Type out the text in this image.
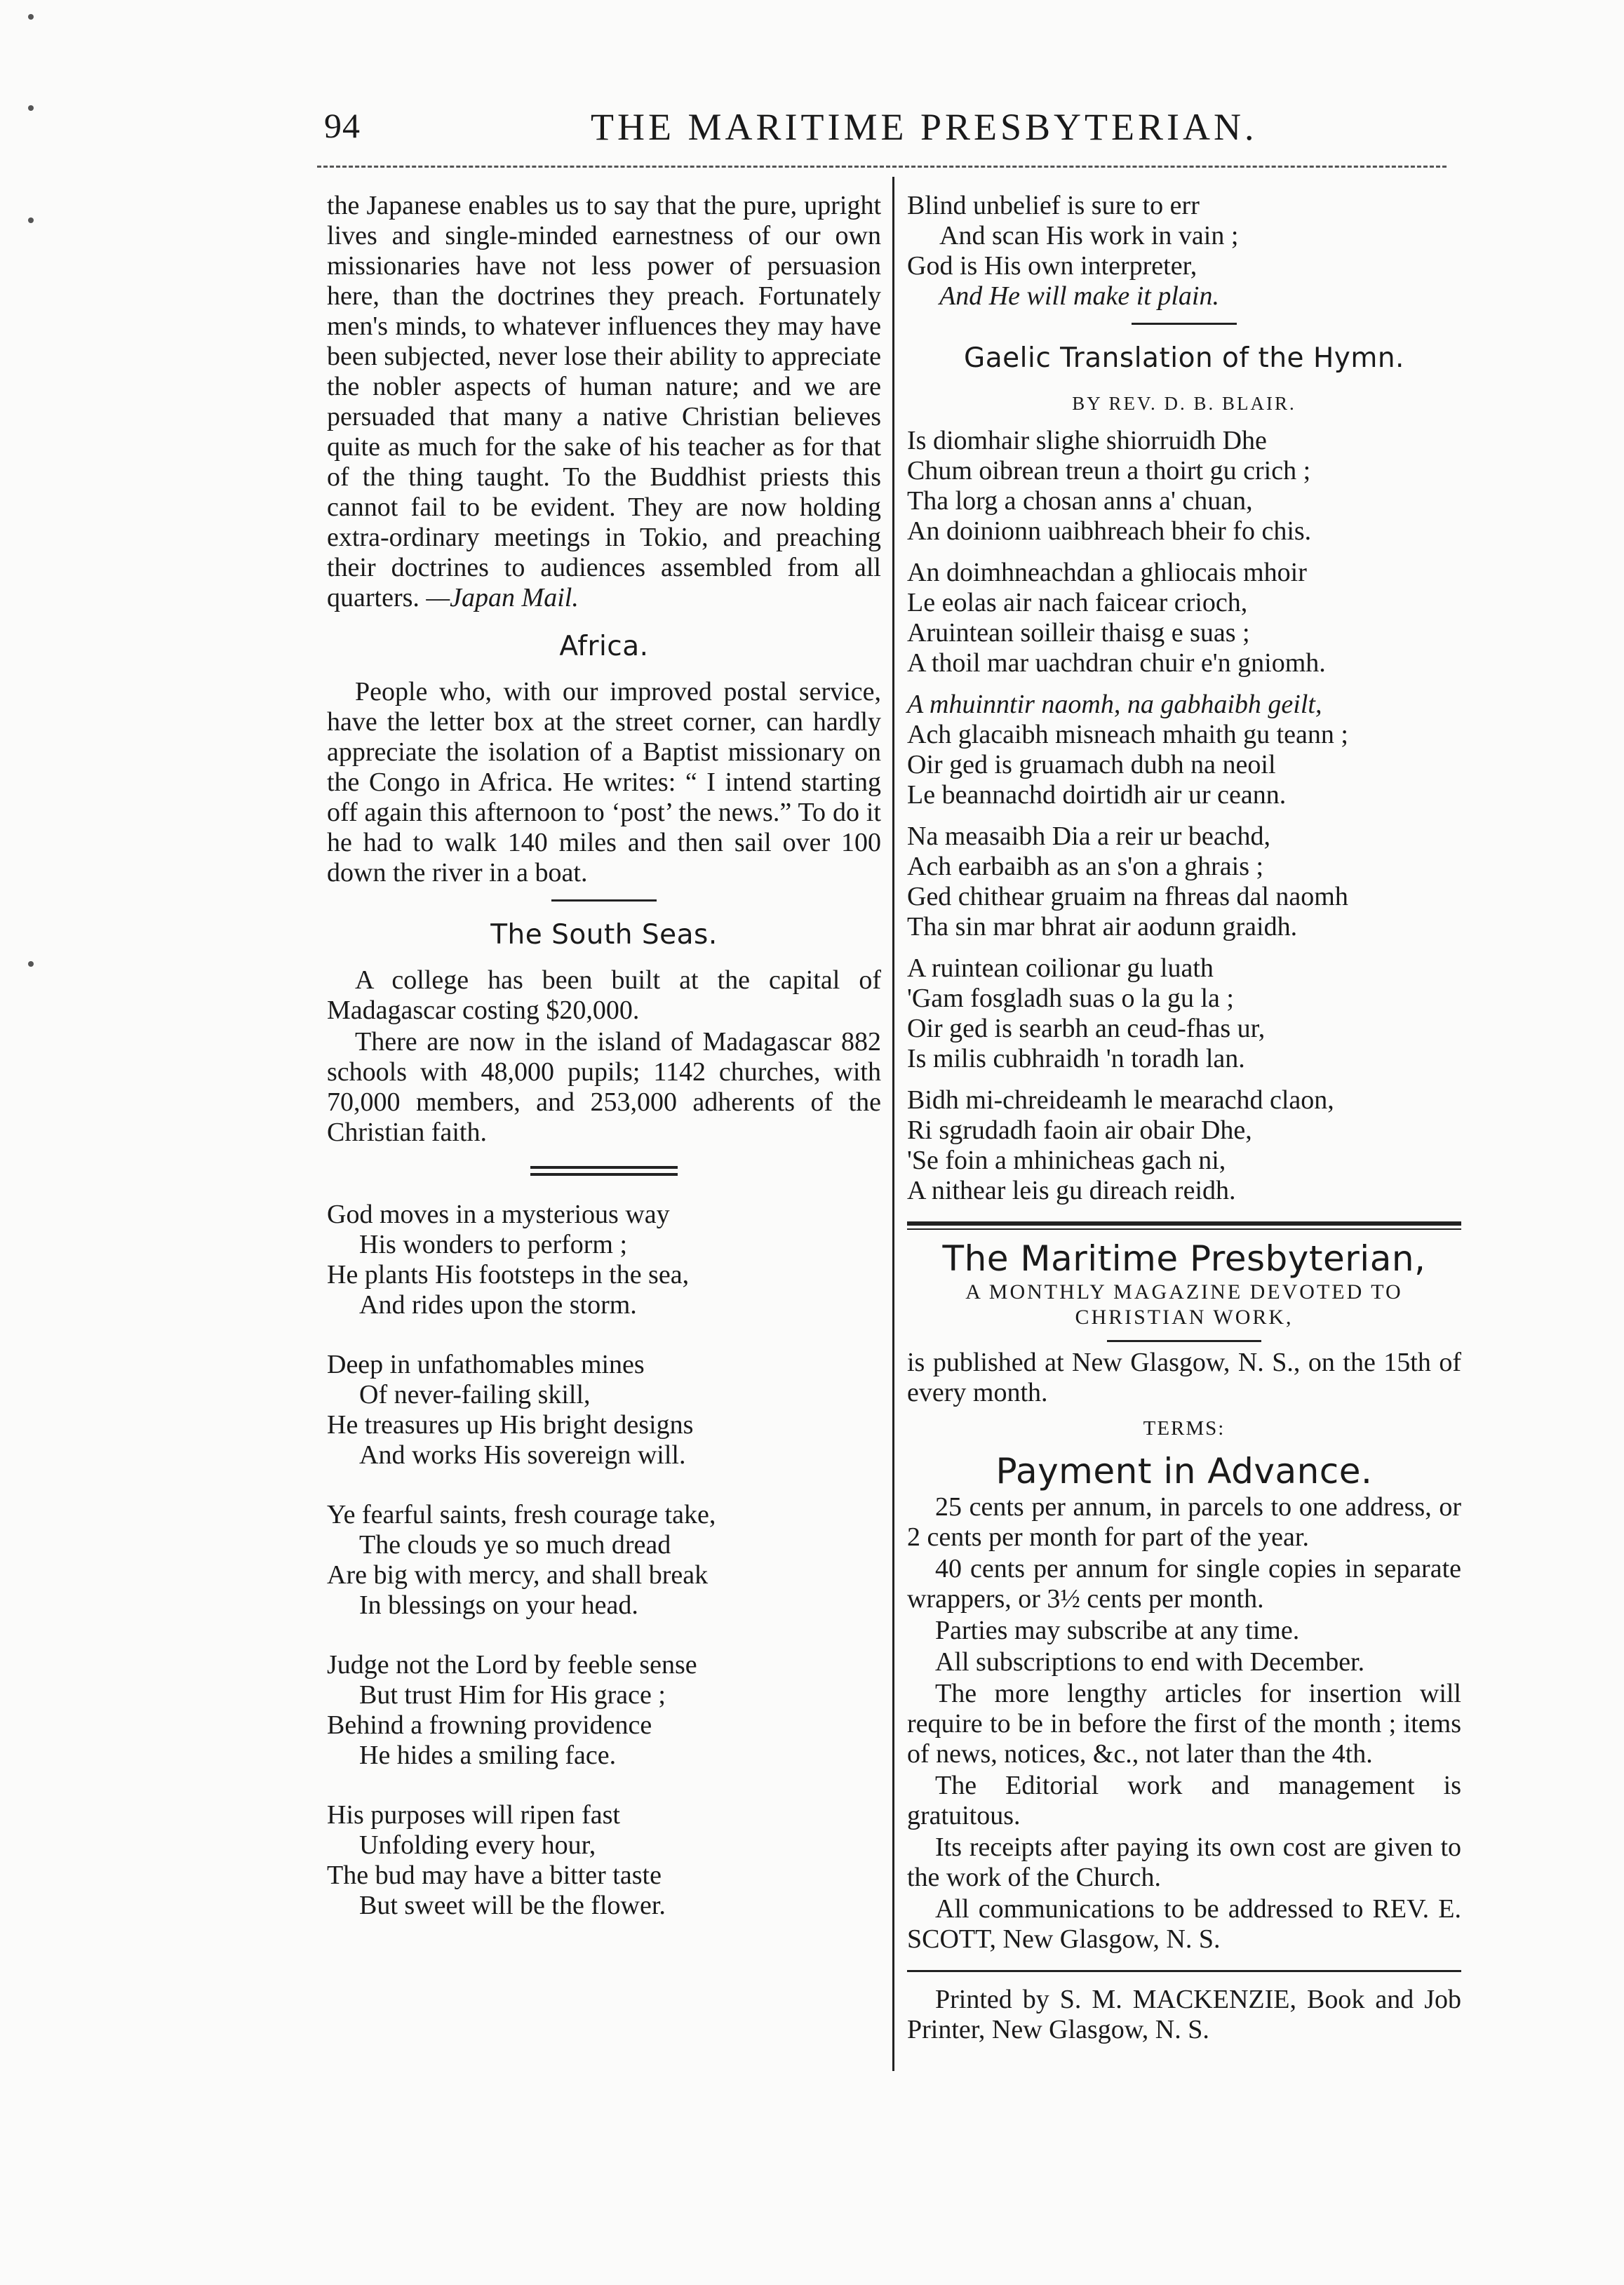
94	THE MARITIME PRESBYTERIAN.

the Japanese enables us to say that the pure, upright lives and single-minded earnestness of our own missionaries have not less power of persuasion here, than the doctrines they preach. Fortunately men's minds, to whatever influences they may have been subjected, never lose their ability to appreciate the nobler aspects of human nature; and we are persuaded that many a native Christian believes quite as much for the sake of his teacher as for that of the thing taught. To the Buddhist priests this cannot fail to be evident. They are now holding extra-ordinary meetings in Tokio, and preaching their doctrines to audiences assembled from all quarters. —Japan Mail.

Africa.

People who, with our improved postal service, have the letter box at the street corner, can hardly appreciate the isolation of a Baptist missionary on the Congo in Africa. He writes: “ I intend starting off again this afternoon to ‘post’ the news.” To do it he had to walk 140 miles and then sail over 100 down the river in a boat.

The South Seas.

A college has been built at the capital of Madagascar costing $20,000.

There are now in the island of Madagascar 882 schools with 48,000 pupils; 1142 churches, with 70,000 members, and 253,000 adherents of the Christian faith.

God moves in a mysterious way
His wonders to perform ;
He plants His footsteps in the sea,
And rides upon the storm.
Deep in unfathomables mines
Of never-failing skill,
He treasures up His bright designs
And works His sovereign will.
Ye fearful saints, fresh courage take,
The clouds ye so much dread
Are big with mercy, and shall break
In blessings on your head.
Judge not the Lord by feeble sense
But trust Him for His grace ;
Behind a frowning providence
He hides a smiling face.
His purposes will ripen fast
Unfolding every hour,
The bud may have a bitter taste
But sweet will be the flower.
Blind unbelief is sure to err
And scan His work in vain ;
God is His own interpreter,
And He will make it plain.
Gaelic Translation of the Hymn.
BY REV. D. B. BLAIR.
Is diomhair slighe shiorruidh Dhe
Chum oibrean treun a thoirt gu crich ;
Tha lorg a chosan anns a' chuan,
An doinionn uaibhreach bheir fo chis.
An doimhneachdan a ghliocais mhoir
Le eolas air nach faicear crioch,
Aruintean soilleir thaisg e suas ;
A thoil mar uachdran chuir e'n gniomh.
A mhuinntir naomh, na gabhaibh geilt,
Ach glacaibh misneach mhaith gu teann ;
Oir ged is gruamach dubh na neoil
Le beannachd doirtidh air ur ceann.
Na measaibh Dia a reir ur beachd,
Ach earbaibh as an s'on a ghrais ;
Ged chithear gruaim na fhreas dal naomh
Tha sin mar bhrat air aodunn graidh.
A ruintean coilionar gu luath
'Gam fosgladh suas o la gu la ;
Oir ged is searbh an ceud-fhas ur,
Is milis cubhraidh 'n toradh lan.
Bidh mi-chreideamh le mearachd claon,
Ri sgrudadh faoin air obair Dhe,
'Se foin a mhinicheas gach ni,
A nithear leis gu direach reidh.
The Maritime Presbyterian,
A MONTHLY MAGAZINE DEVOTED TO CHRISTIAN WORK,

is published at New Glasgow, N. S., on the 15th of every month.

TERMS:
Payment in Advance.

25 cents per annum, in parcels to one address, or 2 cents per month for part of the year.

40 cents per annum for single copies in separate wrappers, or 3½ cents per month.

Parties may subscribe at any time.

All subscriptions to end with December.

The more lengthy articles for insertion will require to be in before the first of the month ; items of news, notices, &c., not later than the 4th.

The Editorial work and management is gratuitous.

Its receipts after paying its own cost are given to the work of the Church.

All communications to be addressed to REV. E. SCOTT, New Glasgow, N. S.

Printed by S. M. MACKENZIE, Book and Job Printer, New Glasgow, N. S.
